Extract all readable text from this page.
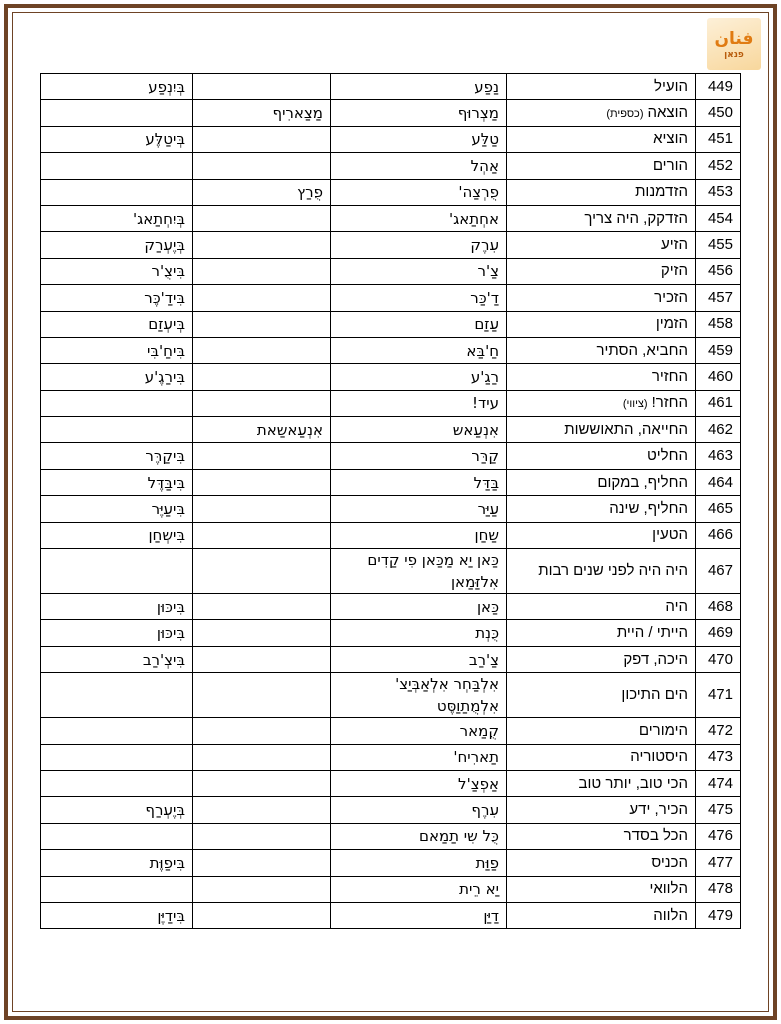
فنان
פנאן
449	הועיל	נַפַע		בְּיִנְפַע
450	הוצאה(כספית)	מַצְרוּף	מַצַארִיף	
451	הוציא	טַלַּע		בְּיטַלֶּע
452	הורים	אַהְל		
453	הזדמנות	פֻרְצַה'	פֻרַץ	
454	הזדקק, היה צריך	אחְתַאג'		בְּיִחְתַאג'
455	הזיע	עִרֶק		בְּיֶעְרַק
456	הזיק	צַ'ר		בִּיצֻ'ר
457	הזכיר	דַ'כַּר		בִּידַ'כֶּר
458	הזמין	עַזַם		בְּיעְזַם
459	החביא, הסתיר	חַ'בַּא		בִּיחַ'בִּי
460	החזיר	רַגַ'ע		בִּירַגֶ'ע
461	החזר!(ציווי)	עיד!		
462	החייאה, התאוששות	אִנְעַאש	אִנְעַאשַאת	
463	החליט	קַרַּר		בִּיקַרֶּר
464	החליף, במקום	בַּדַּל		בִּיבַּדֶּל
465	החליף, שינה	עַיַּר		בִּיעַיֶּר
466	הטעין	שַחַן		בִּישְחַן
467	היה היה לפני שנים רבות	כַּאן יַא מַכַּאן פִי קַדִים אִלזַּמַאן		
468	היה	כַּאן		בִּיכּוּן
469	הייתי / היית	כֻּנְת		בִּיכּוּן
470	היכה, דפק	צַ'רַב		בִּיצְ'רַב
471	הים התיכון	אִלְבַּחְר אִלְאַבְּיַצ' אִלְמֻתַוַסֶּט		
472	הימורים	קֻמַאר		
473	היסטוריה	תַארִיח'		
474	הכי טוב, יותר טוב	אַפְצַ'ל		
475	הכיר, ידע	עִרֶף		בְּיֶעְרַף
476	הכל בסדר	כֻּל שִי תַמַאם		
477	הכניס	פַוַּת		בִּיפַוֶּת
478	הלוואי	יַא רֵית		
479	הלווה	דַיַּן		בִּידַיֶּן
